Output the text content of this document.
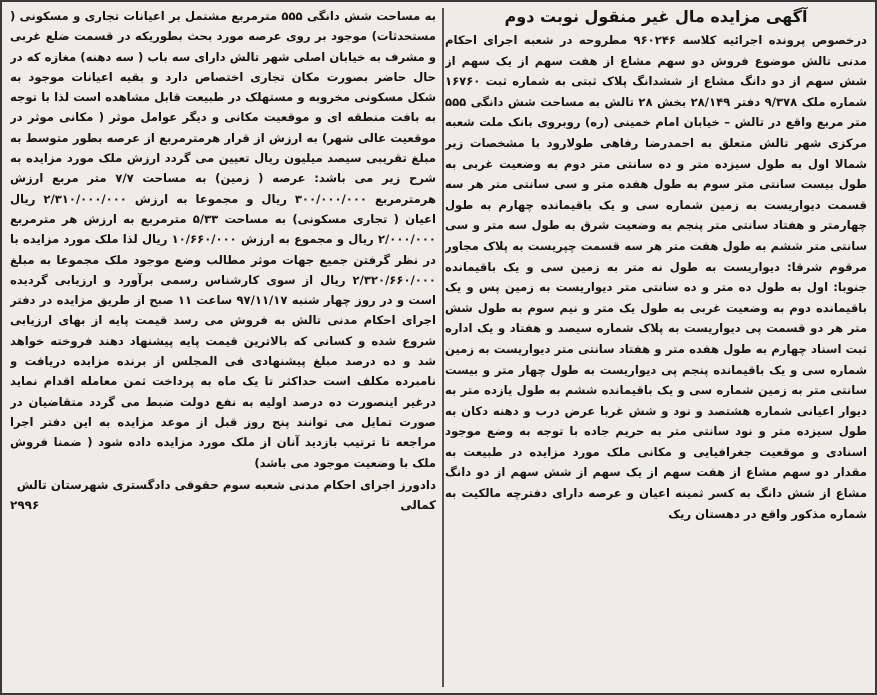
آگهی مزایده مال غیر منقول نوبت دوم

درخصوص پرونده اجرائیه کلاسه ۹۶۰۲۴۶ مطروحه در شعبه اجرای احکام مدنی تالش موضوع فروش دو سهم مشاع از هفت سهم از یک سهم از شش سهم از دو دانگ مشاع از ششدانگ پلاک ثبتی به شماره ثبت ۱۶۷۶۰ شماره ملک ۹/۳۷۸ دفتر ۲۸/۱۴۹ بخش ۲۸ تالش به مساحت شش دانگی ۵۵۵ متر مربع واقع در تالش – خیابان امام خمینی (ره) روبروی بانک ملت شعبه مرکزی شهر تالش متعلق به احمدرضا رفاهی طولارود با مشخصات زیر شمالا اول به طول سیزده متر و ده سانتی متر دوم به وضعیت غربی به طول بیست سانتی متر سوم به طول هفده متر و سی سانتی متر هر سه قسمت دیواریست به زمین شماره سی و یک باقیمانده چهارم به طول چهارمتر و هفتاد سانتی متر پنجم به وضعیت شرق به طول سه متر و سی سانتی متر ششم به طول هفت متر هر سه قسمت چپریست به پلاک مجاور مرقوم شرقا: دیواریست به طول نه متر به زمین سی و یک باقیمانده جنوبا: اول به طول ده متر و ده سانتی متر دیواریست به زمین پس و یک باقیمانده دوم به وضعیت غربی به طول یک متر و نیم سوم به طول شش متر هر دو قسمت پی دیواریست به پلاک شماره سیصد و هفتاد و یک اداره ثبت اسناد چهارم به طول هفده متر و هفتاد سانتی متر دیواریست به زمین شماره سی و یک باقیمانده پنجم پی دیواریست به طول چهار متر و بیست سانتی متر به زمین شماره سی و یک باقیمانده ششم به طول یازده متر به دیوار اعیانی شماره هشتصد و نود و شش غربا عرض درب و دهنه دکان به طول سیزده متر و نود سانتی متر به حریم جاده با توجه به وضع موجود اسنادی و موقعیت جغرافیایی و مکانی ملک مورد مزایده در طبیعت به مقدار دو سهم مشاع از هفت سهم از یک سهم از شش سهم از دو دانگ مشاع از شش دانگ به کسر ثمینه اعیان و عرصه دارای دفترچه مالکیت به شماره مذکور واقع در دهستان ریک

به مساحت شش دانگی ۵۵۵ مترمربع مشتمل بر اعیانات تجاری و مسکونی ( مستحدثات) موجود بر روی عرصه مورد بحث بطوریکه در قسمت ضلع غربی و مشرف به خیابان اصلی شهر تالش دارای سه باب ( سه دهنه) مغازه که در حال حاضر بصورت مکان تجاری اختصاص دارد و بقیه اعیانات موجود به شکل مسکونی مخروبه و مستهلک در طبیعت قابل مشاهده است لذا با توجه به بافت منطقه ای و موقعیت مکانی و دیگر عوامل موثر ( مکانی موثر در موقعیت عالی شهر) به ارزش از قرار هرمترمربع از عرصه بطور متوسط به مبلغ تقریبی سیصد میلیون ریال تعیین می گردد ارزش ملک مورد مزایده به شرح زیر می باشد: عرصه ( زمین) به مساحت ۷/۷ متر مربع ارزش هرمترمربع ۳۰۰/۰۰۰/۰۰۰ ریال و مجموعا به ارزش ۲/۳۱۰/۰۰۰/۰۰۰ ریال اعیان ( تجاری مسکونی) به مساحت ۵/۳۳ مترمربع به ارزش هر مترمربع ۲/۰۰۰/۰۰۰ ریال و مجموع به ارزش ۱۰/۶۶۰/۰۰۰ ریال لذا ملک مورد مزایده با در نظر گرفتن جمیع جهات موثر مطالب وضع موجود ملک مجموعا به مبلغ ۲/۳۲۰/۶۶۰/۰۰۰ ریال از سوی کارشناس رسمی برآورد و ارزیابی گردیده است و در روز چهار شنبه ۹۷/۱۱/۱۷ ساعت ۱۱ صبح از طریق مزایده در دفتر اجرای احکام مدنی تالش به فروش می رسد قیمت پایه از بهای ارزیابی شروع شده و کسانی که بالاترین قیمت پایه پیشنهاد دهند فروخته خواهد شد و ده درصد مبلغ پیشنهادی فی المجلس از برنده مزایده دریافت و نامبرده مکلف است حداکثر تا یک ماه به پرداخت ثمن معامله اقدام نماید درغیر اینصورت ده درصد اولیه به نفع دولت ضبط می گردد متقاضیان در صورت تمایل می توانند پنج روز قبل از موعد مزایده به این دفتر اجرا مراجعه تا ترتیب بازدید آنان از ملک مورد مزایده داده شود ( ضمنا فروش ملک با وضعیت موجود می باشد)

دادورز اجرای احکام مدنی شعبه سوم حقوقی دادگستری شهرستان تالش
کمالی
۲۹۹۶
